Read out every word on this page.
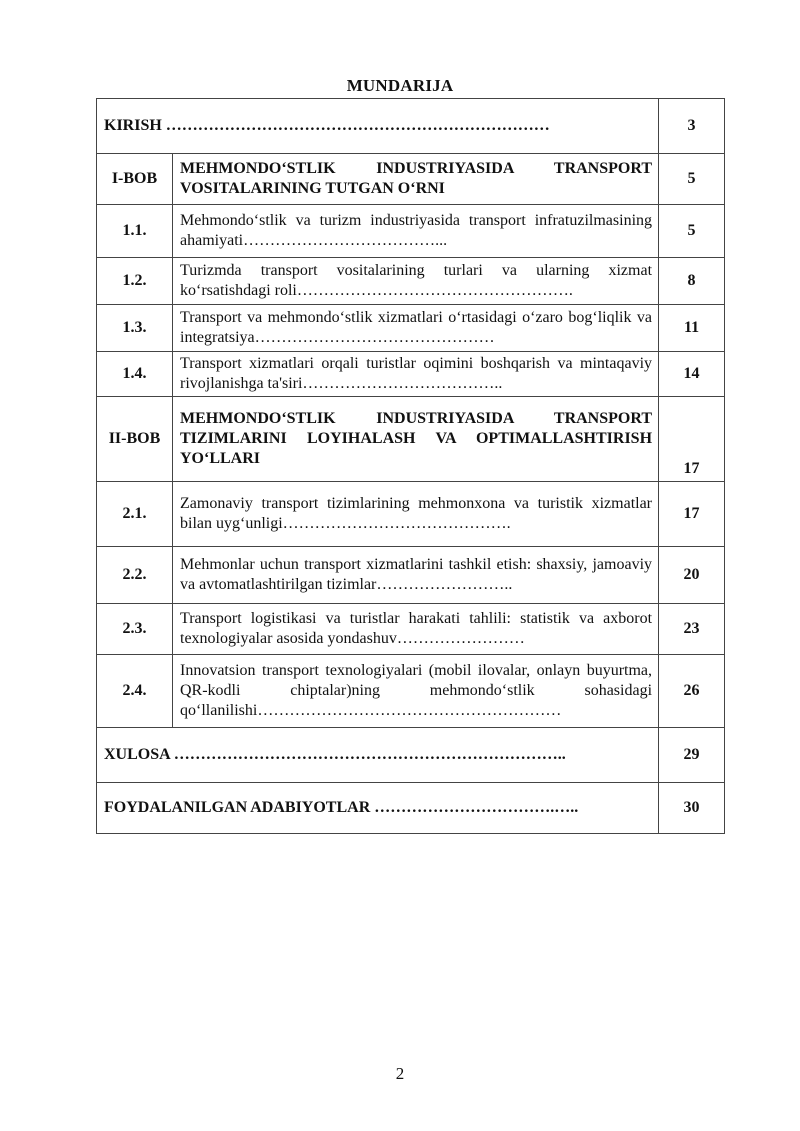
MUNDARIJA
KIRISH ………………………………………………………………		3
I-BOB	MEHMONDO‘STLIK INDUSTRIYASIDA TRANSPORT VOSITALARINING TUTGAN O‘RNI	5
1.1.	Mehmondo‘stlik va turizm industriyasida transport infratuzilmasining ahamiyati………………………………...	5
1.2.	Turizmda transport vositalarining turlari va ularning xizmat ko‘rsatishdagi roli…………………………………………….	8
1.3.	Transport va mehmondo‘stlik xizmatlari o‘rtasidagi o‘zaro bog‘liqlik va integratsiya………………………………………	11
1.4.	Transport xizmatlari orqali turistlar oqimini boshqarish va mintaqaviy rivojlanishga ta'siri………………………………..	14
II-BOB	MEHMONDO‘STLIK INDUSTRIYASIDA TRANSPORT TIZIMLARINI LOYIHALASH VA OPTIMALLASHTIRISH YO‘LLARI	17
2.1.	Zamonaviy transport tizimlarining mehmonxona va turistik xizmatlar bilan uyg‘unligi…………………………………….	17
2.2.	Mehmonlar uchun transport xizmatlarini tashkil etish: shaxsiy, jamoaviy va avtomatlashtirilgan tizimlar……………………..	20
2.3.	Transport logistikasi va turistlar harakati tahlili: statistik va axborot texnologiyalar asosida yondashuv……………………	23
2.4.	Innovatsion transport texnologiyalari (mobil ilovalar, onlayn buyurtma, QR-kodli chiptalar)ning mehmondo‘stlik sohasidagi qo‘llanilishi…………………………………………………	26
XULOSA ………………………………………………………………..		29
FOYDALANILGAN ADABIYOTLAR …………………………….…..		30
2
